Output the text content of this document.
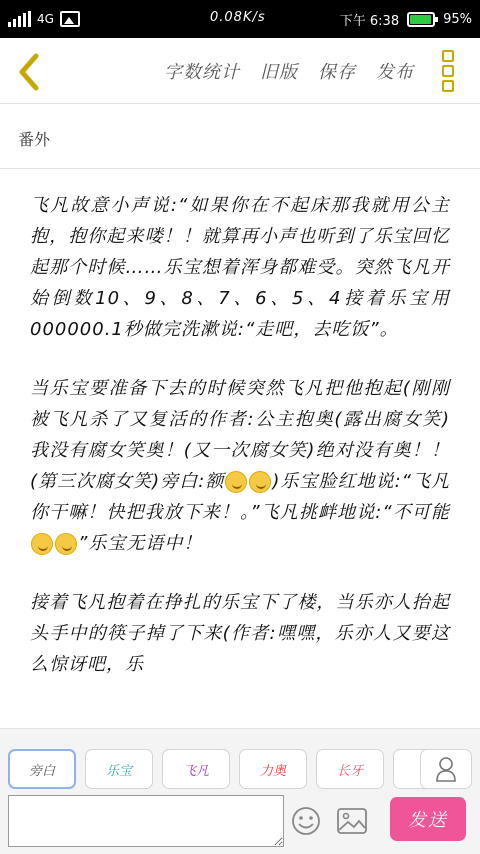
4G	0.08K/s	下午 6:38	95%
字数统计 旧版 保存 发布
番外

飞凡故意小声说:“如果你在不起床那我就用公主抱，抱你起来喽！！就算再小声也听到了乐宝回忆起那个时候……乐宝想着浑身都难受。突然飞凡开始倒数10、9、8、7、6、5、4接着乐宝用000000.1秒做完洗漱说:“走吧，去吃饭”。

当乐宝要准备下去的时候突然飞凡把他抱起(刚刚被飞凡杀了又复活的作者:公主抱奥(露出腐女笑)我没有腐女笑奥！(又一次腐女笑)绝对没有奥！！(第三次腐女笑)旁白:额	)乐宝脸红地说:“飞凡你干嘛！快把我放下来！。”飞凡挑衅地说:“不可能”乐宝无语中！

接着飞凡抱着在挣扎的乐宝下了楼，当乐亦人抬起头手中的筷子掉了下来(作者:嘿嘿，乐亦人又要这么惊讶吧，乐

旁白	乐宝	飞凡	力奥	长牙
发送
